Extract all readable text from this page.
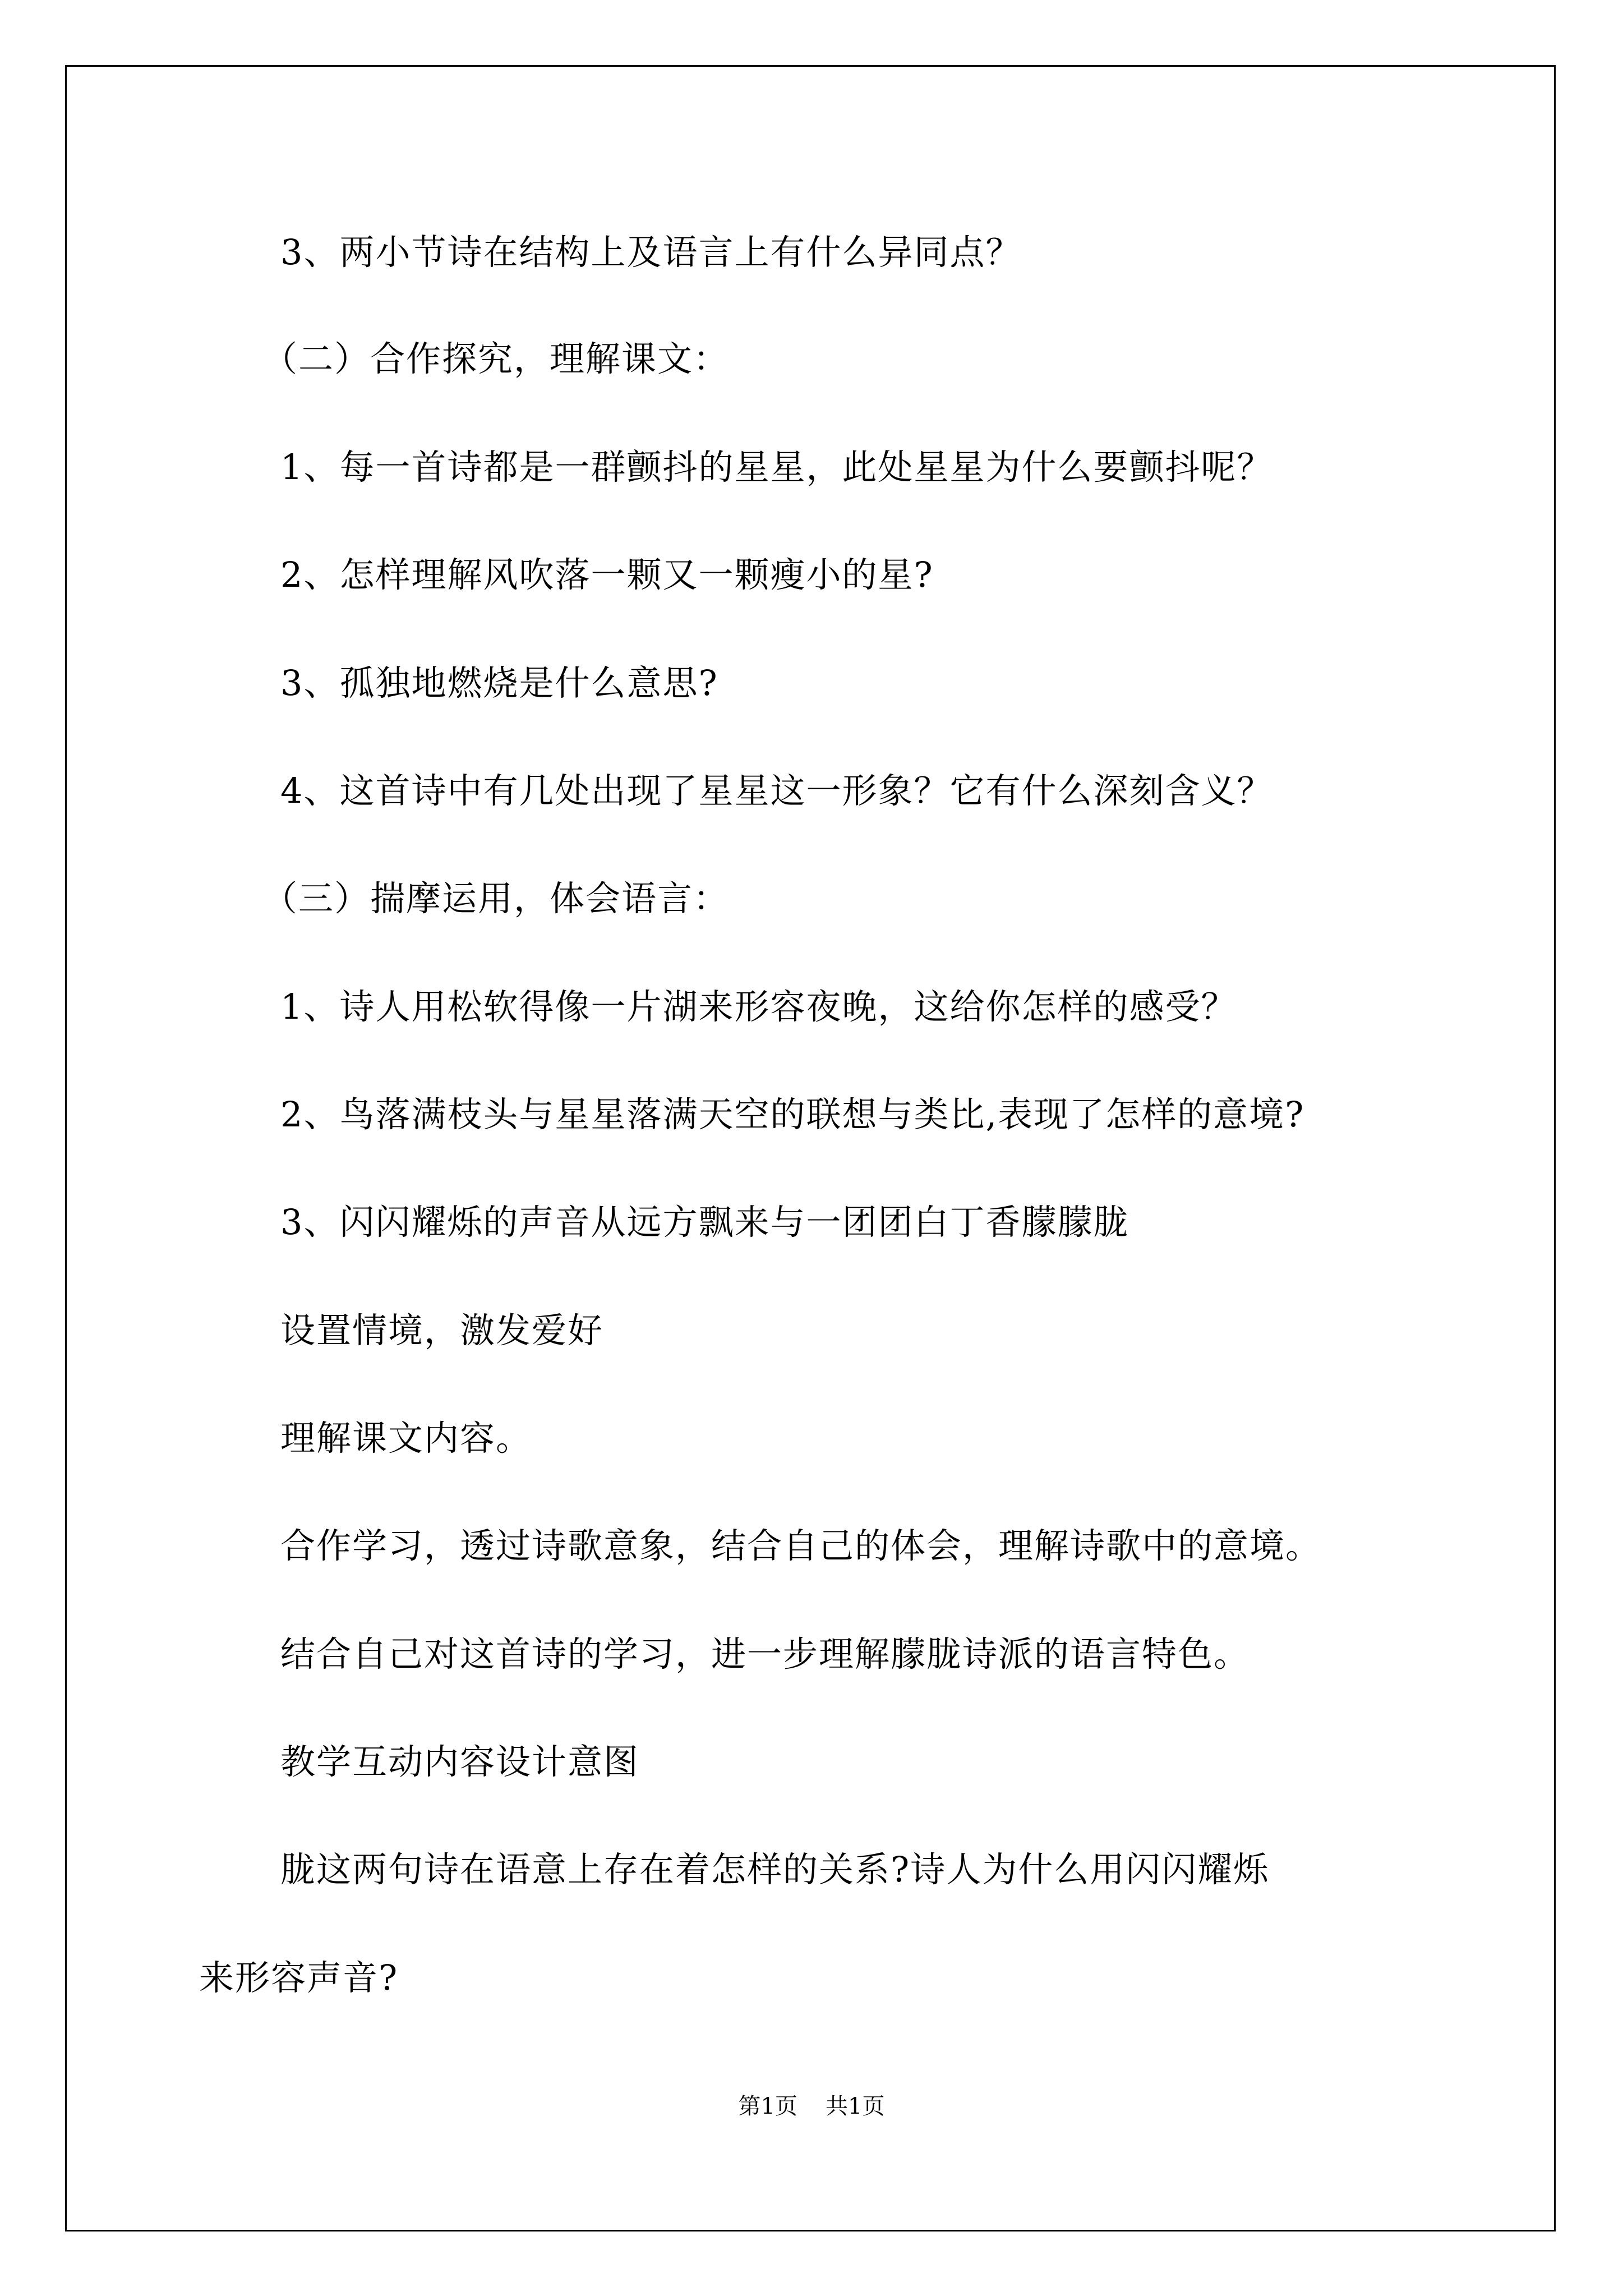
3、两小节诗在结构上及语言上有什么异同点？
（二）合作探究，理解课文：
1、每一首诗都是一群颤抖的星星，此处星星为什么要颤抖呢？
2、怎样理解风吹落一颗又一颗瘦小的星?
3、孤独地燃烧是什么意思?
4、这首诗中有几处出现了星星这一形象？它有什么深刻含义？
（三）揣摩运用，体会语言：
1、诗人用松软得像一片湖来形容夜晚，这给你怎样的感受？
2、鸟落满枝头与星星落满天空的联想与类比,表现了怎样的意境?
3、闪闪耀烁的声音从远方飘来与一团团白丁香朦朦胧
设置情境，激发爱好
理解课文内容。
合作学习，透过诗歌意象，结合自己的体会，理解诗歌中的意境。
结合自己对这首诗的学习，进一步理解朦胧诗派的语言特色。
教学互动内容设计意图
胧这两句诗在语意上存在着怎样的关系?诗人为什么用闪闪耀烁
来形容声音?
第1页 共1页
